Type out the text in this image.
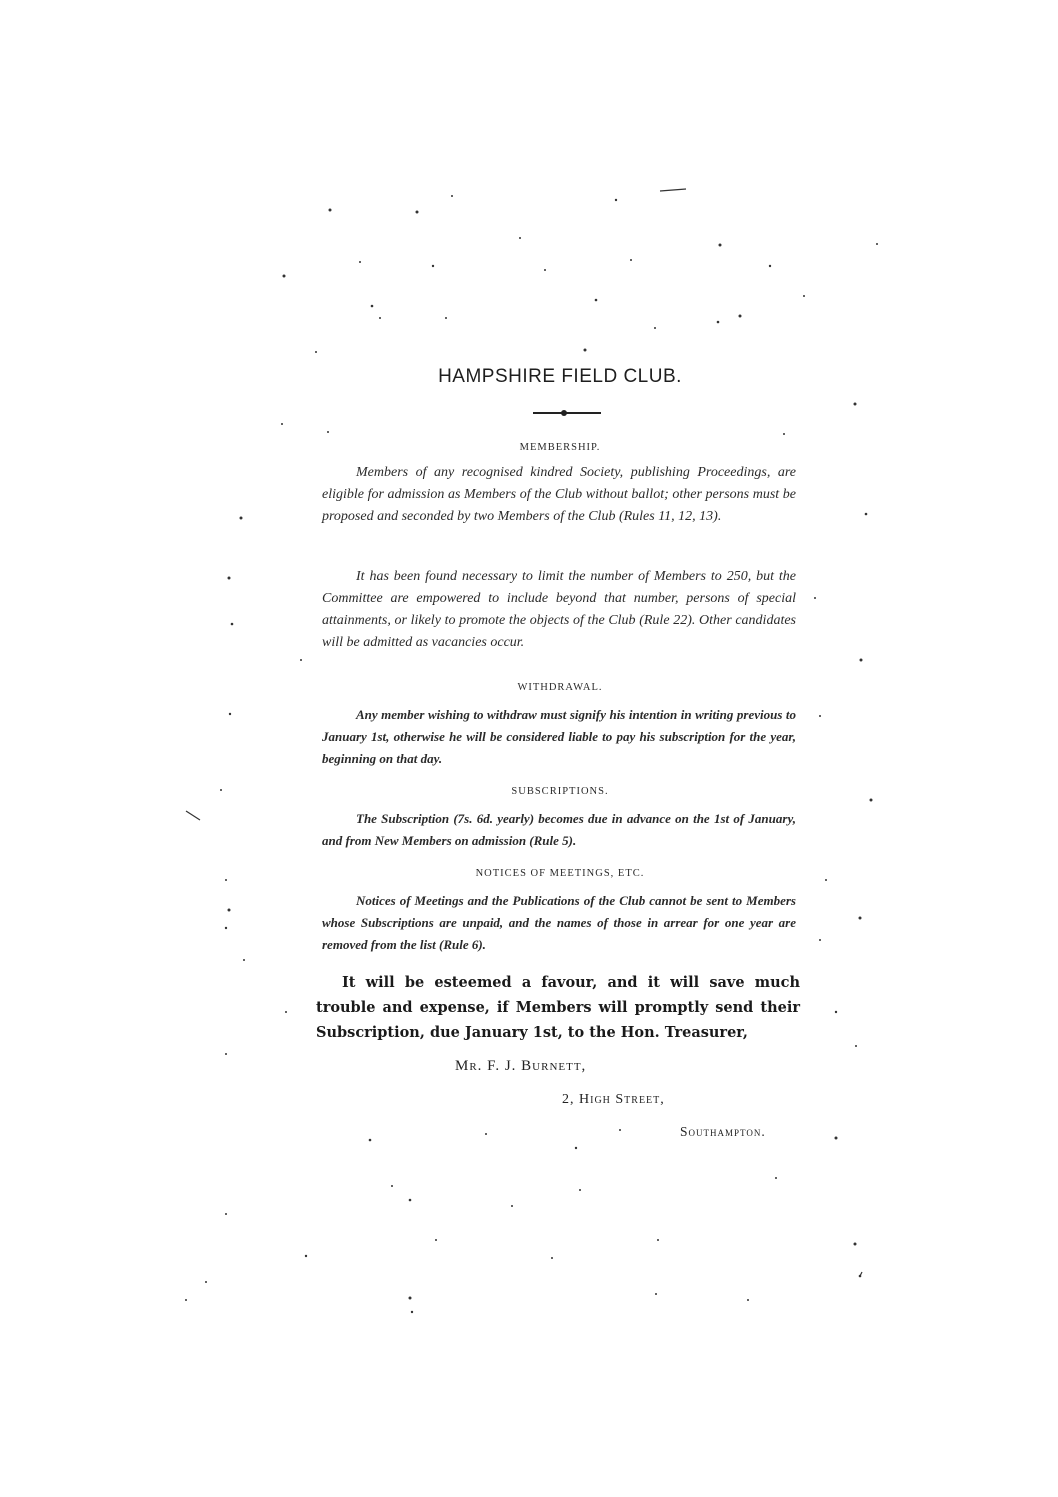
HAMPSHIRE FIELD CLUB.
MEMBERSHIP.
Members of any recognised kindred Society, publishing Proceedings, are eligible for admission as Members of the Club without ballot; other persons must be proposed and seconded by two Members of the Club (Rules 11, 12, 13).
It has been found necessary to limit the number of Members to 250, but the Committee are empowered to include beyond that number, persons of special attainments, or likely to promote the objects of the Club (Rule 22). Other candidates will be admitted as vacancies occur.
WITHDRAWAL.
Any member wishing to withdraw must signify his intention in writing previous to January 1st, otherwise he will be considered liable to pay his subscription for the year, beginning on that day.
SUBSCRIPTIONS.
The Subscription (7s. 6d. yearly) becomes due in advance on the 1st of January, and from New Members on admission (Rule 5).
NOTICES OF MEETINGS, ETC.
Notices of Meetings and the Publications of the Club cannot be sent to Members whose Subscriptions are unpaid, and the names of those in arrear for one year are removed from the list (Rule 6).
It will be esteemed a favour, and it will save much trouble and expense, if Members will promptly send their Subscription, due January 1st, to the Hon. Treasurer,
Mr. F. J. Burnett,
2, High Street,
Southampton.
